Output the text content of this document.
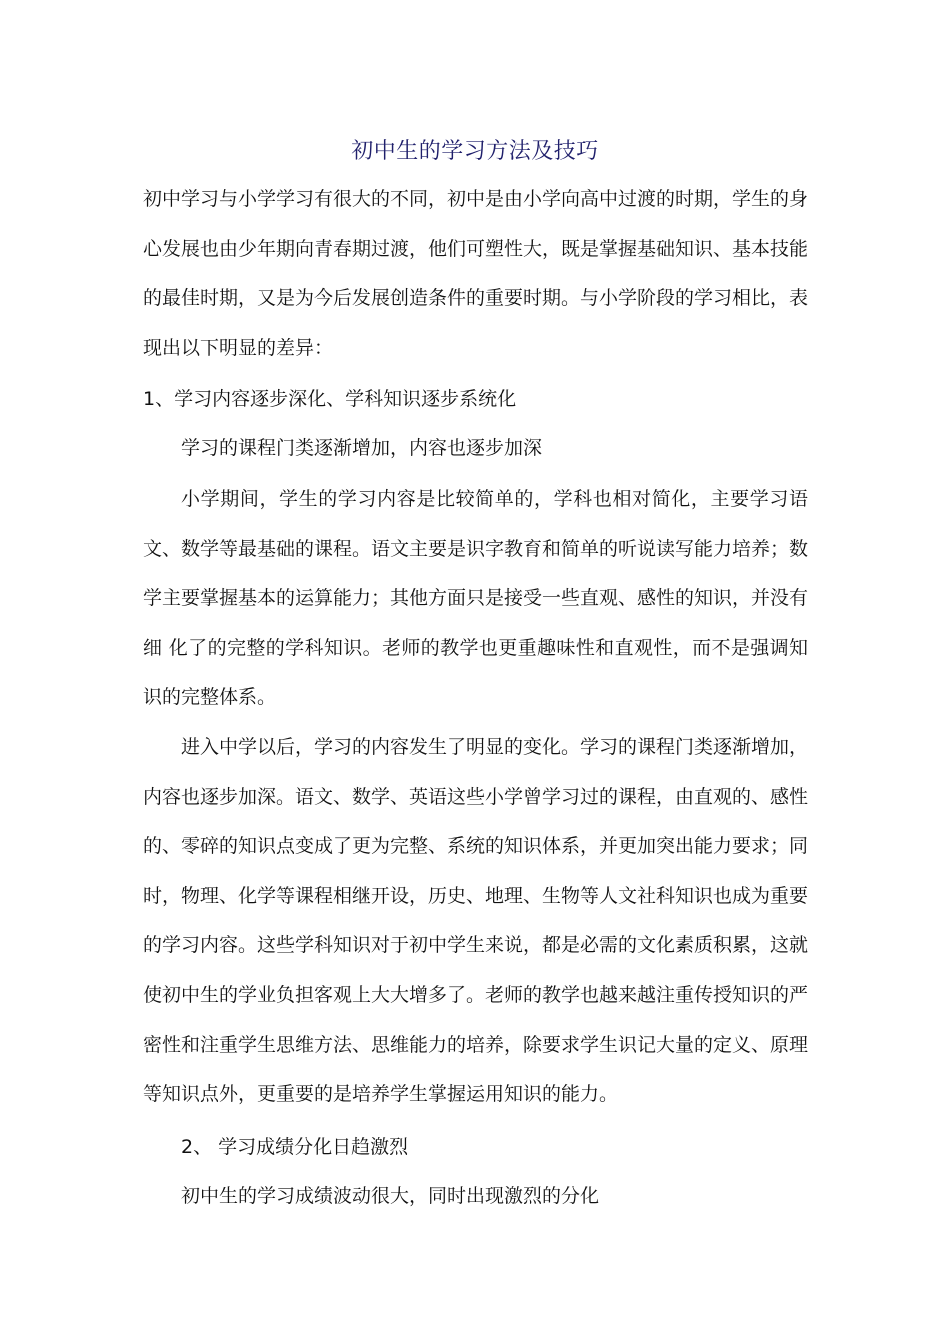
初中生的学习方法及技巧
初中学习与小学学习有很大的不同，初中是由小学向高中过渡的时期，学生的身心发展也由少年期向青春期过渡，他们可塑性大，既是掌握基础知识、基本技能的最佳时期，又是为今后发展创造条件的重要时期。与小学阶段的学习相比，表现出以下明显的差异：
1、学习内容逐步深化、学科知识逐步系统化
学习的课程门类逐渐增加，内容也逐步加深
小学期间，学生的学习内容是比较简单的，学科也相对简化，主要学习语文、数学等最基础的课程。语文主要是识字教育和简单的听说读写能力培养；数学主要掌握基本的运算能力；其他方面只是接受一些直观、感性的知识，并没有细 化了的完整的学科知识。老师的教学也更重趣味性和直观性，而不是强调知识的完整体系。
进入中学以后，学习的内容发生了明显的变化。学习的课程门类逐渐增加，内容也逐步加深。语文、数学、英语这些小学曾学习过的课程，由直观的、感性的、零碎的知识点变成了更为完整、系统的知识体系，并更加突出能力要求；同时，物理、化学等课程相继开设，历史、地理、生物等人文社科知识也成为重要的学习内容。这些学科知识对于初中学生来说，都是必需的文化素质积累，这就使初中生的学业负担客观上大大增多了。老师的教学也越来越注重传授知识的严密性和注重学生思维方法、思维能力的培养，除要求学生识记大量的定义、原理等知识点外，更重要的是培养学生掌握运用知识的能力。
2、 学习成绩分化日趋激烈
初中生的学习成绩波动很大，同时出现激烈的分化
